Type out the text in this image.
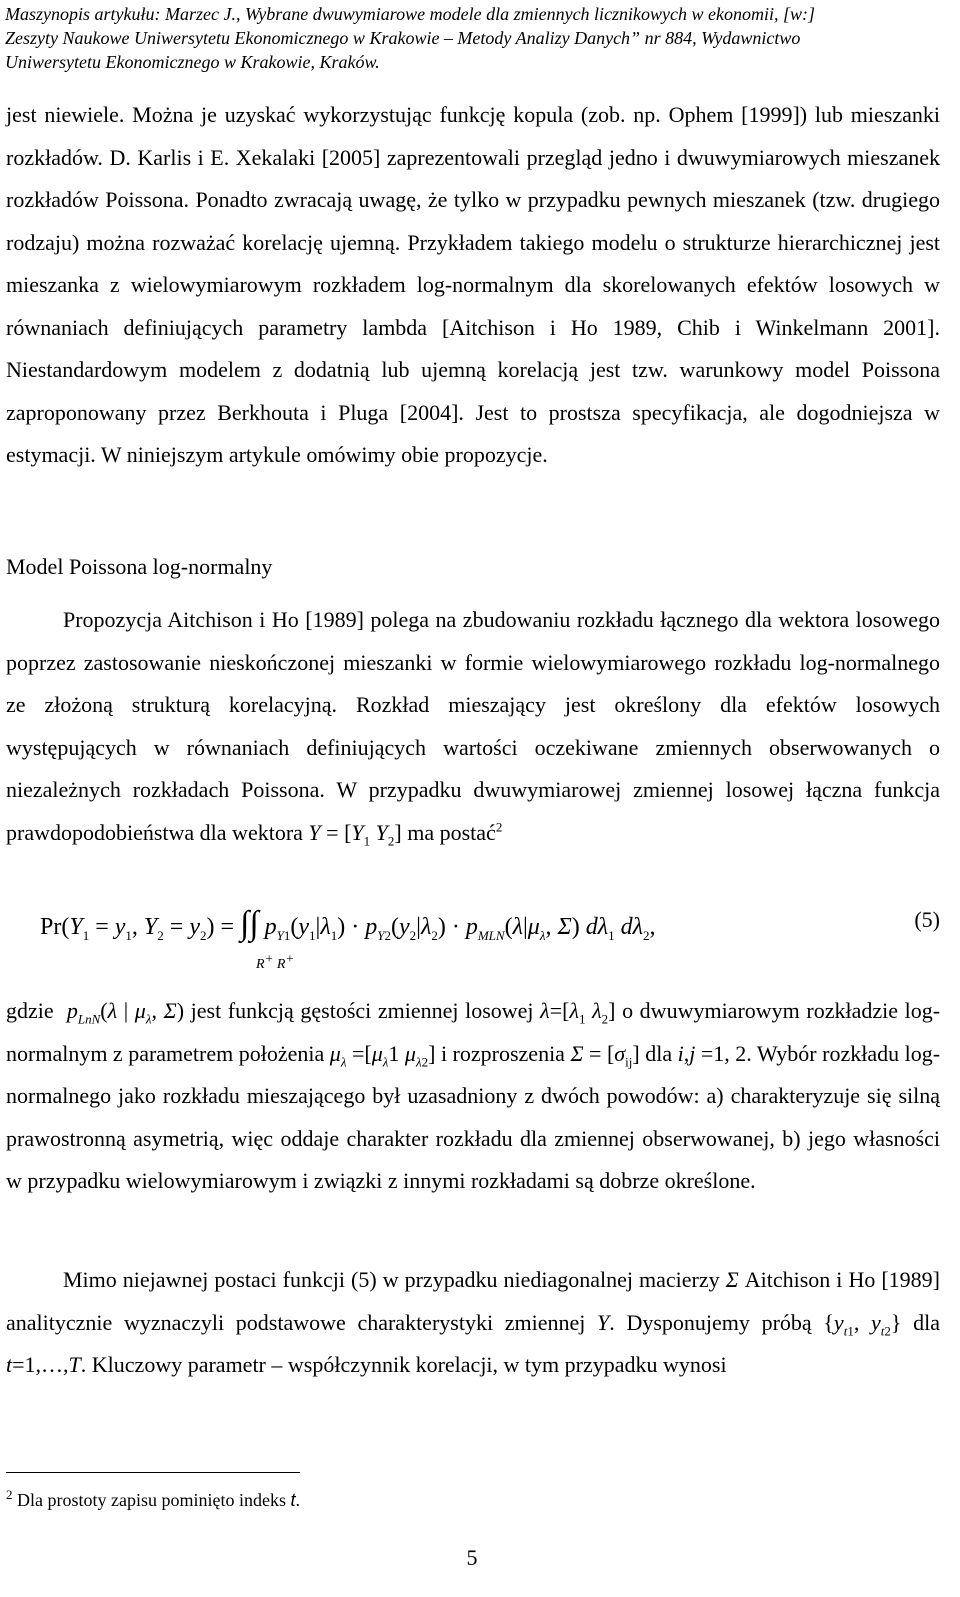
Maszynopis artykułu: Marzec J., Wybrane dwuwymiarowe modele dla zmiennych licznikowych w ekonomii, [w:]
Zeszyty Naukowe Uniwersytetu Ekonomicznego w Krakowie – Metody Analizy Danych” nr 884, Wydawnictwo
Uniwersytetu Ekonomicznego w Krakowie, Kraków.
jest niewiele. Można je uzyskać wykorzystując funkcję kopula (zob. np. Ophem [1999]) lub mieszanki rozkładów. D. Karlis i E. Xekalaki [2005] zaprezentowali przegląd jedno i dwuwymiarowych mieszanek rozkładów Poissona. Ponadto zwracają uwagę, że tylko w przypadku pewnych mieszanek (tzw. drugiego rodzaju) można rozważać korelację ujemną. Przykładem takiego modelu o strukturze hierarchicznej jest mieszanka z wielowymiarowym rozkładem log-normalnym dla skorelowanych efektów losowych w równaniach definiujących parametry lambda [Aitchison i Ho 1989, Chib i Winkelmann 2001]. Niestandardowym modelem z dodatnią lub ujemną korelacją jest tzw. warunkowy model Poissona zaproponowany przez Berkhouta i Pluga [2004]. Jest to prostsza specyfikacja, ale dogodniejsza w estymacji. W niniejszym artykule omówimy obie propozycje.
Model Poissona log-normalny
Propozycja Aitchison i Ho [1989] polega na zbudowaniu rozkładu łącznego dla wektora losowego poprzez zastosowanie nieskończonej mieszanki w formie wielowymiarowego rozkładu log-normalnego ze złożoną strukturą korelacyjną. Rozkład mieszający jest określony dla efektów losowych występujących w równaniach definiujących wartości oczekiwane zmiennych obserwowanych o niezależnych rozkładach Poissona. W przypadku dwuwymiarowej zmiennej losowej łączna funkcja prawdopodobieństwa dla wektora $Y = [Y_1$ $Y_2$] ma postać$^2$
$Pr(Y_1 = y_1$, $Y_2 = y_2$) = ∫∫ $p_{Y1}(y_1|\lambda_1) \cdot p_{Y2}(y_2|\lambda_2) \cdot p_{MLN}(\lambda|\mu_\lambda$, Σ) $d\lambda_1$ $d\lambda_2$,
R+ R+
(5)
gdzie $p_{LnN}(\lambda$ | $\mu_\lambda$, Σ) jest funkcją gęstości zmiennej losowej $\lambda=[\lambda_1$ $\lambda_2$] o dwuwymiarowym rozkładzie log-normalnym z parametrem położenia $\mu_\lambda =[\mu_\lambda 1$ $\mu_{\lambda 2}$] i rozproszenia $\Sigma = [\sigma_{ij}]$ dla i,j =1, 2. Wybór rozkładu log-normalnego jako rozkładu mieszającego był uzasadniony z dwóch powodów: a) charakteryzuje się silną prawostronną asymetrią, więc oddaje charakter rozkładu dla zmiennej obserwowanej, b) jego własności w przypadku wielowymiarowym i związki z innymi rozkładami są dobrze określone.
Mimo niejawnej postaci funkcji (5) w przypadku niediagonalnej macierzy Σ Aitchison i Ho [1989] analitycznie wyznaczyli podstawowe charakterystyki zmiennej Y. Dysponujemy próbą {$y_{t1}$, $y_{t2}$} dla t=1,…,T. Kluczowy parametr – współczynnik korelacji, w tym przypadku wynosi
$^2$ Dla prostoty zapisu pominięto indeks t.
5
